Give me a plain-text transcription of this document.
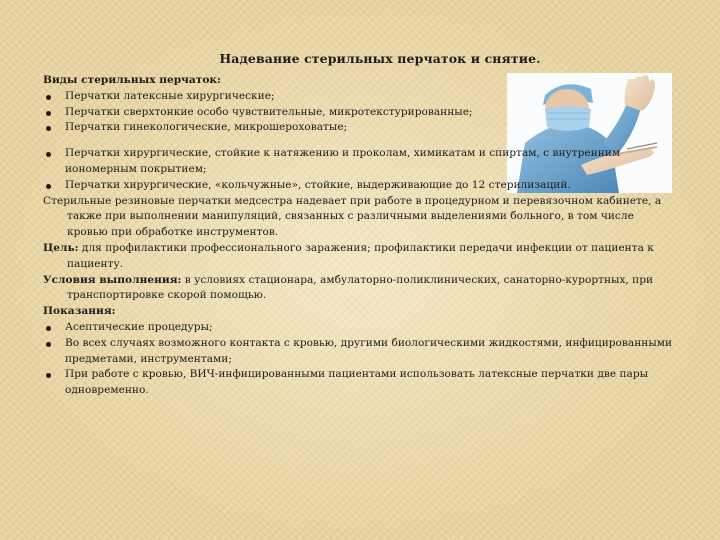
Надевание стерильных перчаток и снятие.

Виды стерильных перчаток:

Перчатки латексные хирургические;

Перчатки сверхтонкие особо чувствительные, микротекстурированные;

Перчатки гинекологические, микрошероховатые;

Перчатки хирургические, стойкие к натяжению и проколам, химикатам и спиртам, с внутренним иономерным покрытием;

Перчатки хирургические, «кольчужные», стойкие, выдерживающие до 12 стерилизаций.

Стерильные резиновые перчатки медсестра надевает при работе в процедурном и перевязочном кабинете, а также при выполнении манипуляций, связанных с различными выделениями больного, в том числе кровью при обработке инструментов.

Цель: для профилактики профессионального заражения; профилактики передачи инфекции от пациента к пациенту.

Условия выполнения: в условиях стационара, амбулаторно-поликлинических, санаторно-курортных, при транспортировке скорой помощью.

Показания:

Асептические процедуры;

Во всех случаях возможного контакта с кровью, другими биологическими жидкостями, инфицированными предметами, инструментами;

При работе с кровью, ВИЧ-инфицированными пациентами использовать латексные перчатки две пары одновременно.
